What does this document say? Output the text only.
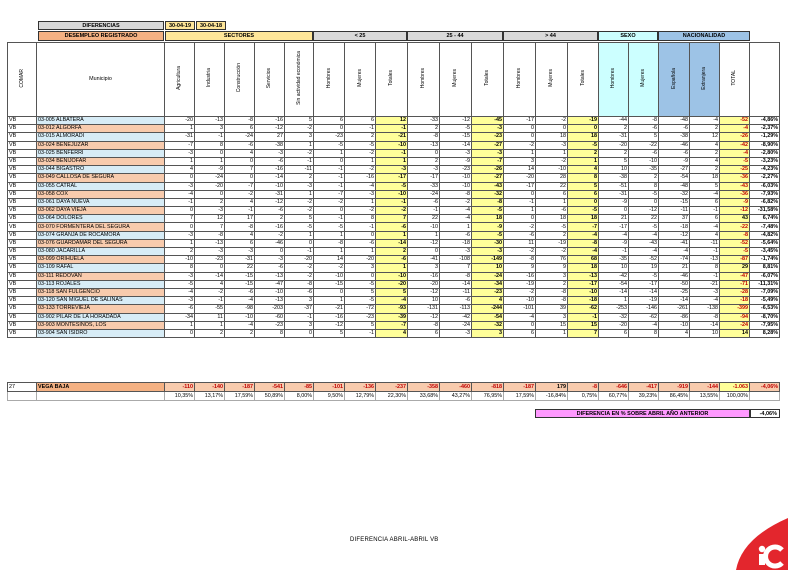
DIFERENCIAS	30-04-19	30-04-18
DESEMPLEO REGISTRADO	SECTORES	< 25	25 - 44	> 44	SEXO	NACIONALIDAD
COMAR	Municipio	Agricultura	Industria	Construcción	Servicios	Sin actividad económica	Hombres	Mujeres	Totales	Hombres	Mujeres	Totales	Hombres	Mujeres	Totales	Hombres	Mujeres	Española	Extranjera	TOTAL	
VB	03-005 ALBATERA	-20	-13	-8	-16	5	6	6	12	-33	-12	-45	-17	-2	-19	-44	-8	-48	-4	-52	-4,86%
VB	03-012 ALGORFA	1	3	6	-12	-2	0	-1	-1	2	-5	-3	0	0	0	2	-6	-6	2	-4	-2,37%
VB	03-015 ALMORADI	-31	-1	-24	27	3	-23	2	-21	-8	-15	-23	0	18	18	-31	5	-38	12	-26	-1,29%
VB	03-024 BENEJUZAR	-7	8	-6	-38	1	-5	-5	-10	-13	-14	-27	-2	-3	-5	-20	-22	-46	4	-42	-8,90%
VB	03-025 BENFERRI	-3	0	4	-3	-2	1	-2	-1	0	-3	-3	1	1	2	2	-6	-6	2	-4	-2,80%
VB	03-034 BENIJOFAR	1	1	0	-6	-1	0	1	1	2	-9	-7	3	-2	1	5	-10	-9	4	-5	-3,23%
VB	03-044 BIGASTRO	4	-9	7	-16	-11	-1	-2	-3	-3	-23	-26	14	-10	4	10	-35	-27	2	-25	-4,23%
VB	03-049 CALLOSA DE SEGURA	0	-24	0	-14	2	-1	-16	-17	-17	-10	-27	-20	28	8	-38	2	-54	18	-36	-2,27%
VB	03-055 CATRAL	-3	-20	-7	-10	-3	-1	-4	-5	-33	-10	-43	-17	22	5	-51	8	-48	5	-43	-6,03%
VB	03-058 COX	-4	0	-2	-31	1	-7	-3	-10	-24	-8	-32	0	6	6	-31	-5	-32	-4	-36	-7,93%
VB	03-061 DAYA NUEVA	-1	2	4	-12	-2	-2	1	-1	-6	-2	-8	-1	1	0	-9	0	-15	6	-9	-6,82%
VB	03-062 DAYA VIEJA	0	-3	-1	-6	-2	0	-2	-2	-1	-4	-5	1	-6	-5	0	-12	-11	-1	-12	-31,58%
VB	03-064 DOLORES	7	12	17	2	5	-1	8	7	22	-4	18	0	18	18	21	22	37	6	43	6,74%
VB	03-070 FORMENTERA DEL SEGURA	0	7	-8	-16	-5	-5	-1	-6	-10	1	-9	-2	-5	-7	-17	-5	-18	-4	-22	-7,48%
VB	03-074 GRANJA DE ROCAMORA	-3	-8	4	-2	1	1	0	1	1	-6	-5	-6	2	-4	-4	-4	-12	4	-8	-4,82%
VB	03-076 GUARDAMAR DEL SEGURA	1	-13	6	-46	0	-8	-6	-14	-12	-18	-30	11	-19	-8	-9	-43	-41	-11	-52	-5,64%
VB	03-080 JACARILLA	2	-3	-3	0	-1	1	1	2	0	-3	-3	-2	-2	-4	-1	-4	-4	-1	-5	-3,45%
VB	03-099 ORIHUELA	-10	-23	-31	-3	-20	14	-20	-6	-41	-108	-149	-8	76	68	-35	-52	-74	-13	-87	-1,74%
VB	03-109 RAFAL	8	0	22	-6	-2	-2	3	1	3	7	10	9	9	18	10	19	21	8	29	8,81%
VB	03-111 REDOVAN	-3	-14	-15	-13	-2	-10	0	-10	-16	-8	-24	-16	3	-13	-42	-5	-46	-1	-47	-6,07%
VB	03-113 ROJALES	-5	4	-15	-47	-8	-15	-5	-20	-20	-14	-34	-19	2	-17	-54	-17	-50	-21	-71	-11,31%
VB	03-118 SAN FULGENCIO	-4	-2	-6	-10	-6	0	5	5	-12	-11	-23	-2	-8	-10	-14	-14	-25	-3	-28	-7,09%
VB	03-120 SAN MIGUEL DE SALINAS	-3	-1	-4	-13	3	1	-5	-4	10	-6	4	-10	-8	-18	1	-19	-14	-4	-18	-5,49%
VB	03-133 TORREVIEJA	-6	-55	-98	-203	-37	-21	-72	-93	-131	-113	-244	-101	39	-62	-253	-146	-261	-138	-399	-6,53%
VB	03-902 PILAR DE LA HORADADA	-34	11	-10	-60	-1	-16	-23	-39	-12	-42	-54	-4	3	-1	-32	-62	-86	-8	-94	-8,70%
VB	03-903 MONTESINOS, LOS	1	1	-4	-23	3	-12	5	-7	-8	-24	-32	0	15	15	-20	-4	-10	-14	-24	-7,95%
VB	03-904 SAN ISIDRO	0	2	2	8	0	5	-1	4	6	-3	3	6	1	7	6	8	4	10	14	8,28%
27	VEGA BAJA	-110	-140	-187	-541	-85	-101	-136	-237	-358	-460	-818	-187	179	-8	-646	-417	-919	-144	-1.063	-4,06%
		10,35%	13,17%	17,59%	50,89%	8,00%	9,50%	12,79%	22,30%	33,68%	43,27%	76,95%	17,59%	-16,84%	0,75%	60,77%	39,23%	86,45%	13,55%	100,00%	
DIFERENCIA EN % SOBRE ABRIL AÑO ANTERIOR	-4,06%
DIFERENCIA ABRIL-ABRIL VB
